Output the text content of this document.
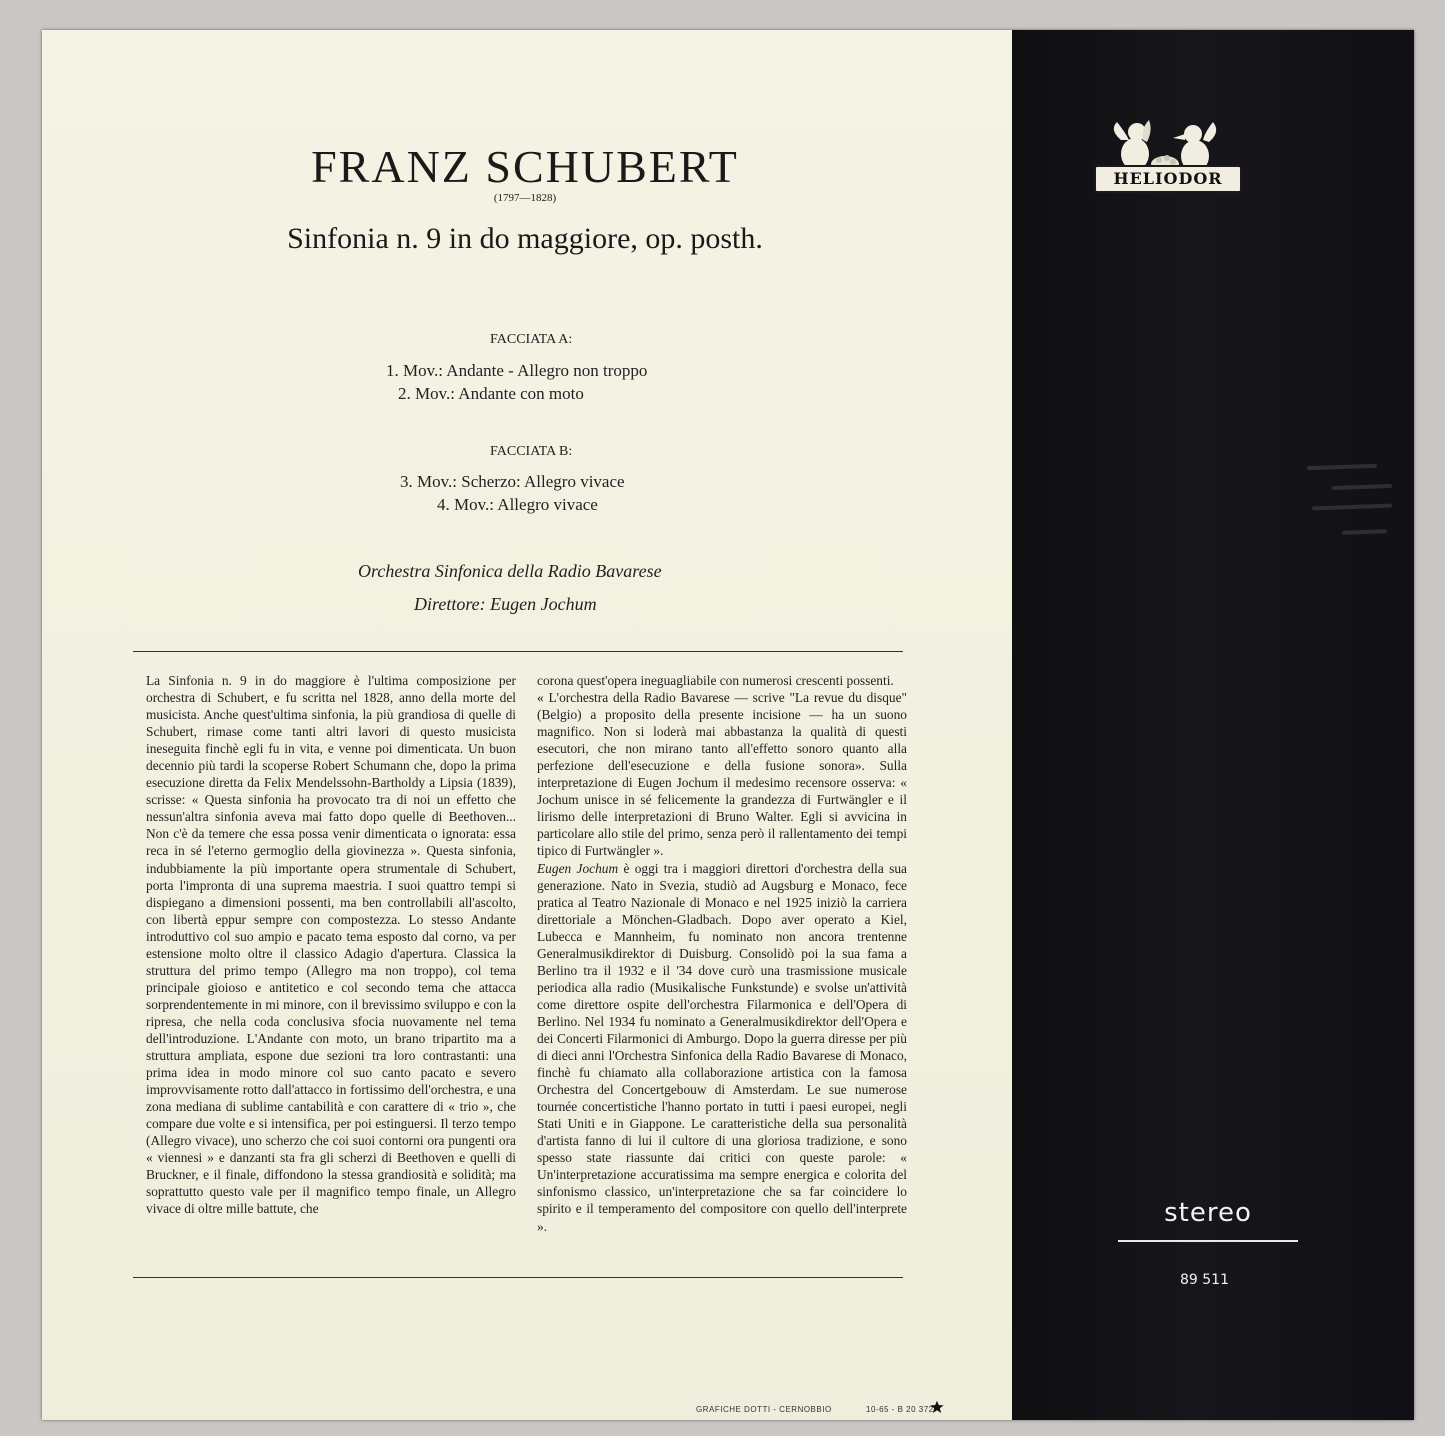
FRANZ SCHUBERT
(1797—1828)
Sinfonia n. 9 in do maggiore, op. posth.
FACCIATA A:
1. Mov.: Andante - Allegro non troppo
2. Mov.: Andante con moto
FACCIATA B:
3. Mov.: Scherzo: Allegro vivace
4. Mov.: Allegro vivace
Orchestra Sinfonica della Radio Bavarese
Direttore: Eugen Jochum

La Sinfonia n. 9 in do maggiore è l'ultima composizione per orchestra di Schubert, e fu scritta nel 1828, anno della morte del musicista. Anche quest'ultima sinfonia, la più grandiosa di quelle di Schubert, rimase come tanti altri lavori di questo musicista ineseguita finchè egli fu in vita, e venne poi dimenticata. Un buon decennio più tardi la scoperse Robert Schumann che, dopo la prima esecuzione diretta da Felix Mendelssohn-Bartholdy a Lipsia (1839), scrisse: « Questa sinfonia ha provocato tra di noi un effetto che nessun'altra sinfonia aveva mai fatto dopo quelle di Beethoven... Non c'è da temere che essa possa venir dimenticata o ignorata: essa reca in sé l'eterno germoglio della giovinezza ». Questa sinfonia, indubbiamente la più importante opera strumentale di Schubert, porta l'impronta di una suprema maestria. I suoi quattro tempi si dispiegano a dimensioni possenti, ma ben controllabili all'ascolto, con libertà eppur sempre con compostezza. Lo stesso Andante introduttivo col suo ampio e pacato tema esposto dal corno, va per estensione molto oltre il classico Adagio d'apertura. Classica la struttura del primo tempo (Allegro ma non troppo), col tema principale gioioso e antitetico e col secondo tema che attacca sorprendentemente in mi minore, con il brevissimo sviluppo e con la ripresa, che nella coda conclusiva sfocia nuovamente nel tema dell'introduzione. L'Andante con moto, un brano tripartito ma a struttura ampliata, espone due sezioni tra loro contrastanti: una prima idea in modo minore col suo canto pacato e severo improvvisamente rotto dall'attacco in fortissimo dell'orchestra, e una zona mediana di sublime cantabilità e con carattere di « trio », che compare due volte e si intensifica, per poi estinguersi. Il terzo tempo (Allegro vivace), uno scherzo che coi suoi contorni ora pungenti ora « viennesi » e danzanti sta fra gli scherzi di Beethoven e quelli di Bruckner, e il finale, diffondono la stessa grandiosità e solidità; ma soprattutto questo vale per il magnifico tempo finale, un Allegro vivace di oltre mille battute, che

corona quest'opera ineguagliabile con numerosi crescenti possenti.

« L'orchestra della Radio Bavarese — scrive "La revue du disque" (Belgio) a proposito della presente incisione — ha un suono magnifico. Non si loderà mai abbastanza la qualità di questi esecutori, che non mirano tanto all'effetto sonoro quanto alla perfezione dell'esecuzione e della fusione sonora». Sulla interpretazione di Eugen Jochum il medesimo recensore osserva: « Jochum unisce in sé felicemente la grandezza di Furtwängler e il lirismo delle interpretazioni di Bruno Walter. Egli si avvicina in particolare allo stile del primo, senza però il rallentamento dei tempi tipico di Furtwängler ».

Eugen Jochum è oggi tra i maggiori direttori d'orchestra della sua generazione. Nato in Svezia, studiò ad Augsburg e Monaco, fece pratica al Teatro Nazionale di Monaco e nel 1925 iniziò la carriera direttoriale a Mönchen-Gladbach. Dopo aver operato a Kiel, Lubecca e Mannheim, fu nominato non ancora trentenne Generalmusikdirektor di Duisburg. Consolidò poi la sua fama a Berlino tra il 1932 e il '34 dove curò una trasmissione musicale periodica alla radio (Musikalische Funkstunde) e svolse un'attività come direttore ospite dell'orchestra Filarmonica e dell'Opera di Berlino. Nel 1934 fu nominato a Generalmusikdirektor dell'Opera e dei Concerti Filarmonici di Amburgo. Dopo la guerra diresse per più di dieci anni l'Orchestra Sinfonica della Radio Bavarese di Monaco, finchè fu chiamato alla collaborazione artistica con la famosa Orchestra del Concertgebouw di Amsterdam. Le sue numerose tournée concertistiche l'hanno portato in tutti i paesi europei, negli Stati Uniti e in Giappone. Le caratteristiche della sua personalità d'artista fanno di lui il cultore di una gloriosa tradizione, e sono spesso state riassunte dai critici con queste parole: « Un'interpretazione accuratissima ma sempre energica e colorita del sinfonismo classico, un'interpretazione che sa far coincidere lo spirito e il temperamento del compositore con quello dell'interprete ».

GRAFICHE DOTTI - CERNOBBIO	10-65 - B 20 372
HELIODOR
stereo
89 511
